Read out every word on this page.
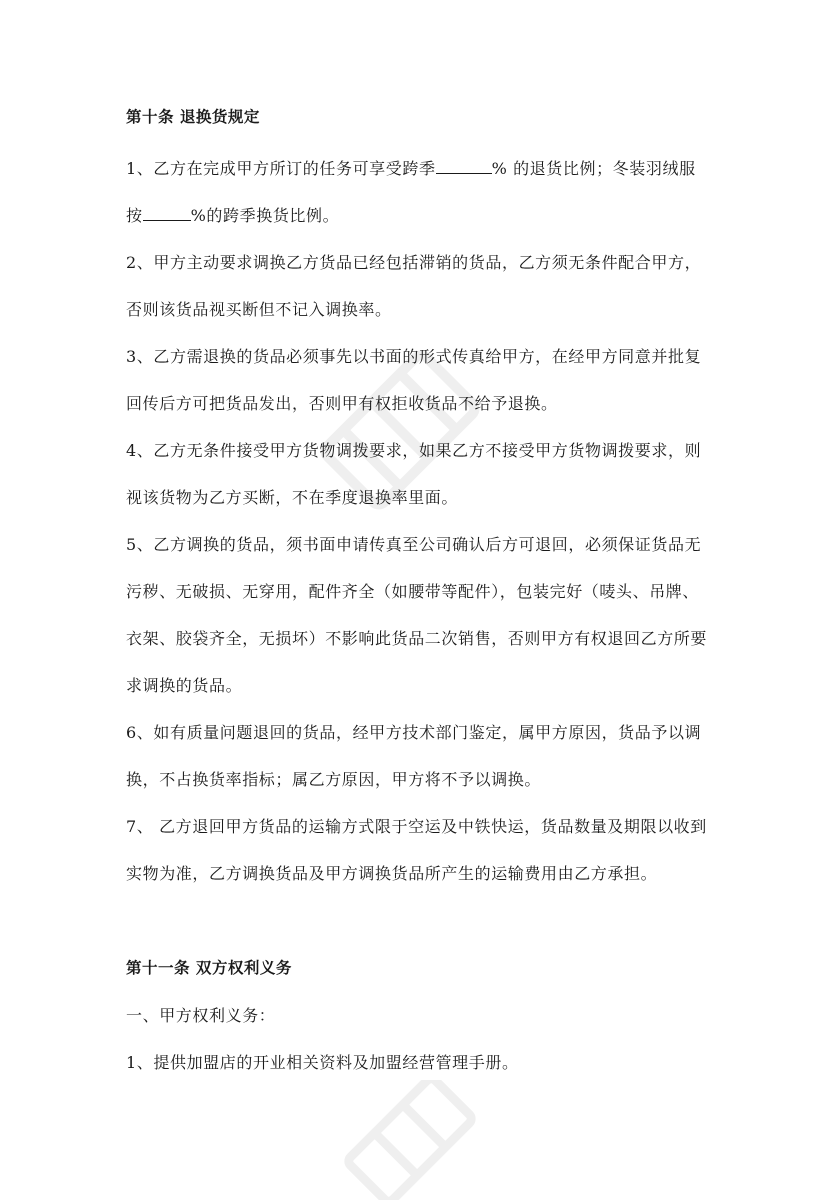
第十条 退换货规定
1、乙方在完成甲方所订的任务可享受跨季	% 的退货比例；冬装羽绒服
按	%的跨季换货比例。
2、甲方主动要求调换乙方货品已经包括滞销的货品，乙方须无条件配合甲方，
否则该货品视买断但不记入调换率。
3、乙方需退换的货品必须事先以书面的形式传真给甲方，在经甲方同意并批复
回传后方可把货品发出，否则甲有权拒收货品不给予退换。
4、乙方无条件接受甲方货物调拨要求，如果乙方不接受甲方货物调拨要求，则
视该货物为乙方买断，不在季度退换率里面。
5、乙方调换的货品，须书面申请传真至公司确认后方可退回，必须保证货品无
污秽、无破损、无穿用，配件齐全（如腰带等配件），包装完好（唛头、吊牌、
衣架、胶袋齐全，无损坏）不影响此货品二次销售，否则甲方有权退回乙方所要
求调换的货品。
6、如有质量问题退回的货品，经甲方技术部门鉴定，属甲方原因，货品予以调
换，不占换货率指标；属乙方原因，甲方将不予以调换。
7、 乙方退回甲方货品的运输方式限于空运及中铁快运，货品数量及期限以收到
实物为准，乙方调换货品及甲方调换货品所产生的运输费用由乙方承担。
第十一条 双方权利义务
一、甲方权利义务：
1、提供加盟店的开业相关资料及加盟经营管理手册。
